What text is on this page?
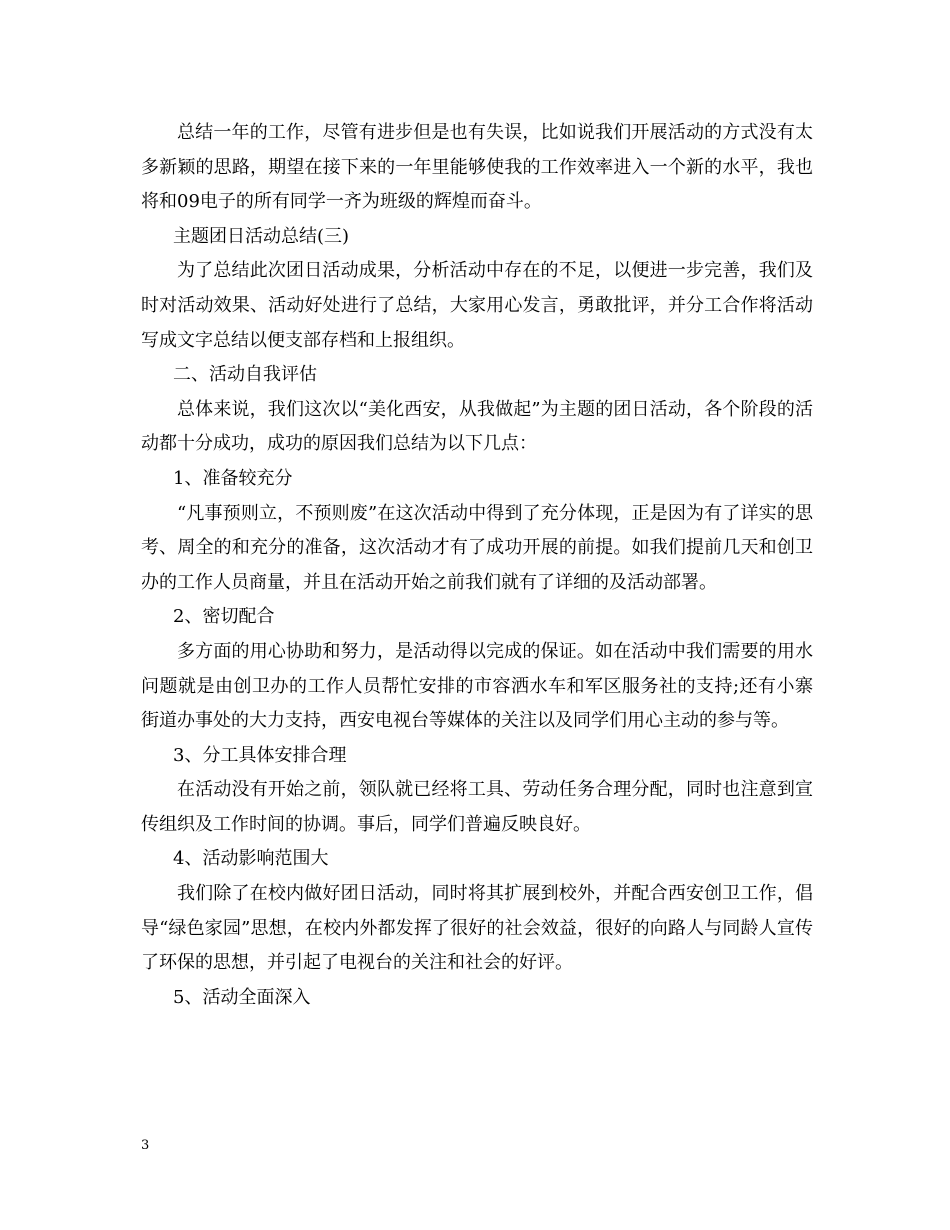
总结一年的工作，尽管有进步但是也有失误，比如说我们开展活动的方式没有太多新颖的思路，期望在接下来的一年里能够使我的工作效率进入一个新的水平，我也将和09电子的所有同学一齐为班级的辉煌而奋斗。

主题团日活动总结(三)

为了总结此次团日活动成果，分析活动中存在的不足，以便进一步完善，我们及时对活动效果、活动好处进行了总结，大家用心发言，勇敢批评，并分工合作将活动写成文字总结以便支部存档和上报组织。

二、活动自我评估

总体来说，我们这次以“美化西安，从我做起”为主题的团日活动，各个阶段的活动都十分成功，成功的原因我们总结为以下几点：

1、准备较充分

“凡事预则立，不预则废”在这次活动中得到了充分体现，正是因为有了详实的思考、周全的和充分的准备，这次活动才有了成功开展的前提。如我们提前几天和创卫办的工作人员商量，并且在活动开始之前我们就有了详细的及活动部署。

2、密切配合

多方面的用心协助和努力，是活动得以完成的保证。如在活动中我们需要的用水问题就是由创卫办的工作人员帮忙安排的市容洒水车和军区服务社的支持;还有小寨街道办事处的大力支持，西安电视台等媒体的关注以及同学们用心主动的参与等。

3、分工具体安排合理

在活动没有开始之前，领队就已经将工具、劳动任务合理分配，同时也注意到宣传组织及工作时间的协调。事后，同学们普遍反映良好。

4、活动影响范围大

我们除了在校内做好团日活动，同时将其扩展到校外，并配合西安创卫工作，倡导“绿色家园”思想，在校内外都发挥了很好的社会效益，很好的向路人与同龄人宣传了环保的思想，并引起了电视台的关注和社会的好评。

5、活动全面深入

3
